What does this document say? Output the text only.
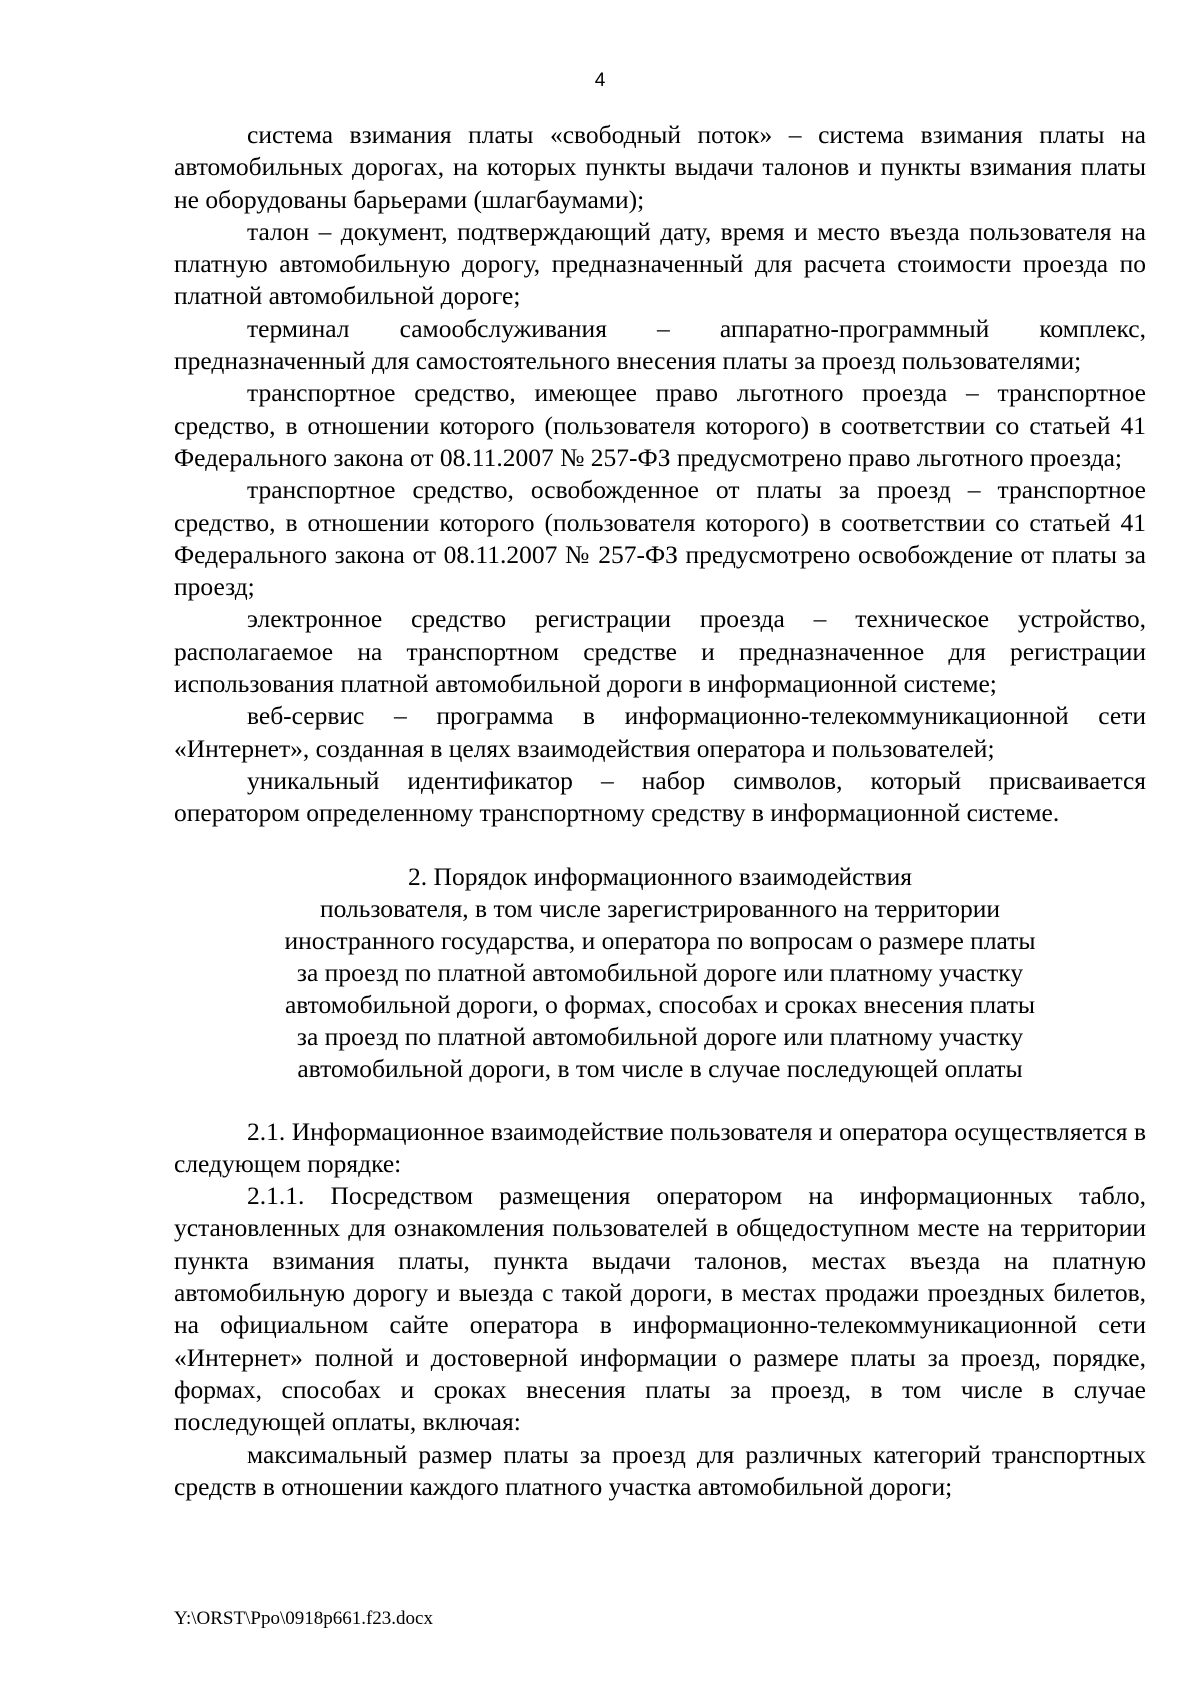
4

система взимания платы «свободный поток» – система взимания платы на автомобильных дорогах, на которых пункты выдачи талонов и пункты взимания платы не оборудованы барьерами (шлагбаумами);

талон – документ, подтверждающий дату, время и место въезда пользователя на платную автомобильную дорогу, предназначенный для расчета стоимости проезда по платной автомобильной дороге;

терминал самообслуживания – аппаратно-программный комплекс, предназначенный для самостоятельного внесения платы за проезд пользователями;

транспортное средство, имеющее право льготного проезда – транспортное средство, в отношении которого (пользователя которого) в соответствии со статьей 41 Федерального закона от 08.11.2007 № 257-ФЗ предусмотрено право льготного проезда;

транспортное средство, освобожденное от платы за проезд – транспортное средство, в отношении которого (пользователя которого) в соответствии со статьей 41 Федерального закона от 08.11.2007 № 257-ФЗ предусмотрено освобождение от платы за проезд;

электронное средство регистрации проезда – техническое устройство, располагаемое на транспортном средстве и предназначенное для регистрации использования платной автомобильной дороги в информационной системе;

веб-сервис – программа в информационно-телекоммуникационной сети «Интернет», созданная в целях взаимодействия оператора и пользователей;

уникальный идентификатор – набор символов, который присваивается оператором определенному транспортному средству в информационной системе.

2. Порядок информационного взаимодействия
пользователя, в том числе зарегистрированного на территории
иностранного государства, и оператора по вопросам о размере платы
за проезд по платной автомобильной дороге или платному участку
автомобильной дороги, о формах, способах и сроках внесения платы
за проезд по платной автомобильной дороге или платному участку
автомобильной дороги, в том числе в случае последующей оплаты

2.1. Информационное взаимодействие пользователя и оператора осуществляется в следующем порядке:

2.1.1. Посредством размещения оператором на информационных табло, установленных для ознакомления пользователей в общедоступном месте на территории пункта взимания платы, пункта выдачи талонов, местах въезда на платную автомобильную дорогу и выезда с такой дороги, в местах продажи проездных билетов, на официальном сайте оператора в информационно-телекоммуникационной сети «Интернет» полной и достоверной информации о размере платы за проезд, порядке, формах, способах и сроках внесения платы за проезд, в том числе в случае последующей оплаты, включая:

максимальный размер платы за проезд для различных категорий транспортных средств в отношении каждого платного участка автомобильной дороги;

Y:\ORST\Ppo\0918p661.f23.docx
